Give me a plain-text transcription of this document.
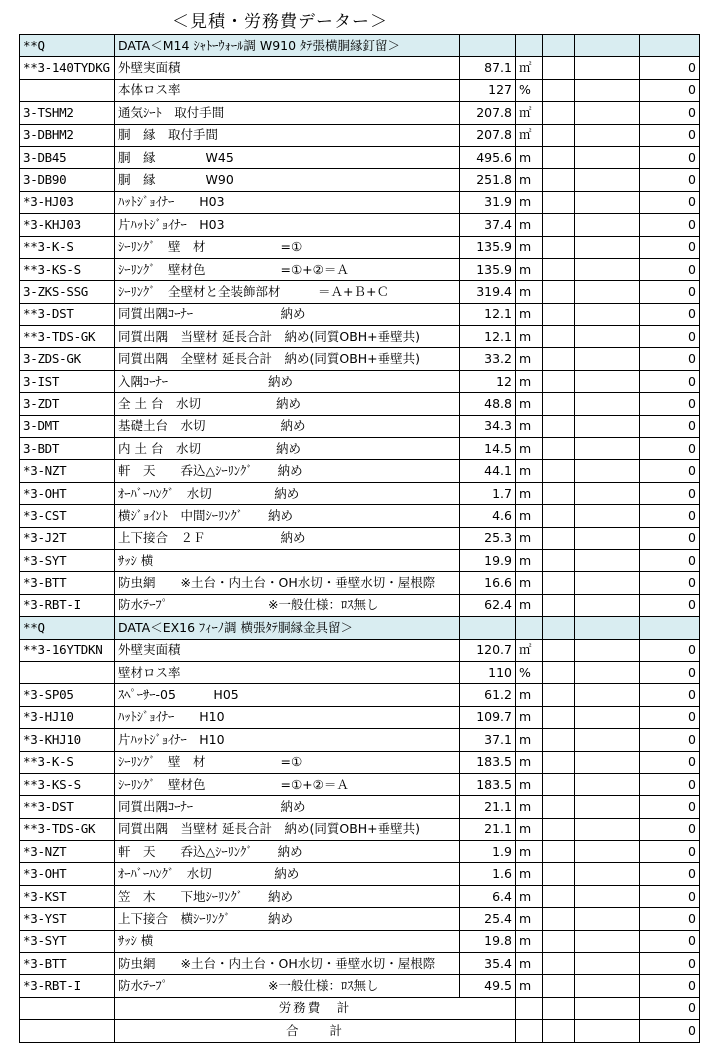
＜見積・労務費データー＞
**Q	DATA＜M14 ｼｬﾄｰｳｫｰﾙ調 W910 ﾀﾃ張横胴縁釘留＞					
**3-140TYDKG	外壁実面積	87.1	㎡			0
	本体ロス率	127	%			0
3-TSHM2	通気ｼｰﾄ　取付手間	207.8	㎡			0
3-DBHM2	胴　縁　取付手間	207.8	㎡			0
3-DB45	胴　縁　　　　W45	495.6	m			0
3-DB90	胴　縁　　　　W90	251.8	m			0
*3-HJ03	ﾊｯﾄｼﾞｮｲﾅｰ　　H03	31.9	m			0
*3-KHJ03	片ﾊｯﾄｼﾞｮｲﾅｰ　H03	37.4	m			0
**3-K-S	ｼｰﾘﾝｸﾞ　壁　材　　　　　　=①	135.9	m			0
**3-KS-S	ｼｰﾘﾝｸﾞ　壁材色　　　　　　=①+②＝Ａ	135.9	m			0
3-ZKS-SSG	ｼｰﾘﾝｸﾞ　全壁材と全装飾部材　　　＝Ａ+Ｂ+Ｃ	319.4	m			0
**3-DST	同質出隅ｺｰﾅｰ　　　　　　　納め	12.1	m			0
**3-TDS-GK	同質出隅　当壁材 延長合計　納め(同質OBH+垂壁共)	12.1	m			0
3-ZDS-GK	同質出隅　全壁材 延長合計　納め(同質OBH+垂壁共)	33.2	m			0
3-IST	入隅ｺｰﾅｰ　　　　　　　　納め	12	m			0
3-ZDT	全 土 台　水切　　　　　　納め	48.8	m			0
3-DMT	基礎土台　水切　　　　　　納め	34.3	m			0
3-BDT	内 土 台　水切　　　　　　納め	14.5	m			0
*3-NZT	軒　天　　呑込△ｼｰﾘﾝｸﾞ　　納め	44.1	m			0
*3-OHT	ｵｰﾊﾞｰﾊﾝｸﾞ　水切　　　　　納め	1.7	m			0
*3-CST	横ｼﾞｮｲﾝﾄ　中間ｼｰﾘﾝｸﾞ　　納め	4.6	m			0
*3-J2T	上下接合　２Ｆ　　　　　　納め	25.3	m			0
*3-SYT	ｻｯｼ 横	19.9	m			0
*3-BTT	防虫網　　※土台・内土台・OH水切・垂壁水切・屋根際	16.6	m			0
*3-RBT-I	防水ﾃｰﾌﾟ　　　　　　　　※一般仕様：ﾛｽ無し	62.4	m			0
**Q	DATA＜EX16 ﾌｨｰﾉ調 横張ﾀﾃ胴縁金具留＞					
**3-16YTDKN	外壁実面積	120.7	㎡			0
	壁材ロス率	110	%			0
*3-SP05	ｽﾍﾟｰｻｰ-05　　　H05	61.2	m			0
*3-HJ10	ﾊｯﾄｼﾞｮｲﾅｰ　　H10	109.7	m			0
*3-KHJ10	片ﾊｯﾄｼﾞｮｲﾅｰ　H10	37.1	m			0
**3-K-S	ｼｰﾘﾝｸﾞ　壁　材　　　　　　=①	183.5	m			0
**3-KS-S	ｼｰﾘﾝｸﾞ　壁材色　　　　　　=①+②＝Ａ	183.5	m			0
**3-DST	同質出隅ｺｰﾅｰ　　　　　　　納め	21.1	m			0
**3-TDS-GK	同質出隅　当壁材 延長合計　納め(同質OBH+垂壁共)	21.1	m			0
*3-NZT	軒　天　　呑込△ｼｰﾘﾝｸﾞ　　納め	1.9	m			0
*3-OHT	ｵｰﾊﾞｰﾊﾝｸﾞ　水切　　　　　納め	1.6	m			0
*3-KST	笠　木　　下地ｼｰﾘﾝｸﾞ　　納め	6.4	m			0
*3-YST	上下接合　横ｼｰﾘﾝｸﾞ　　　納め	25.4	m			0
*3-SYT	ｻｯｼ 横	19.8	m			0
*3-BTT	防虫網　　※土台・内土台・OH水切・垂壁水切・屋根際	35.4	m			0
*3-RBT-I	防水ﾃｰﾌﾟ　　　　　　　　※一般仕様：ﾛｽ無し	49.5	m			0
	労務費　計					0
	合　　計					0
